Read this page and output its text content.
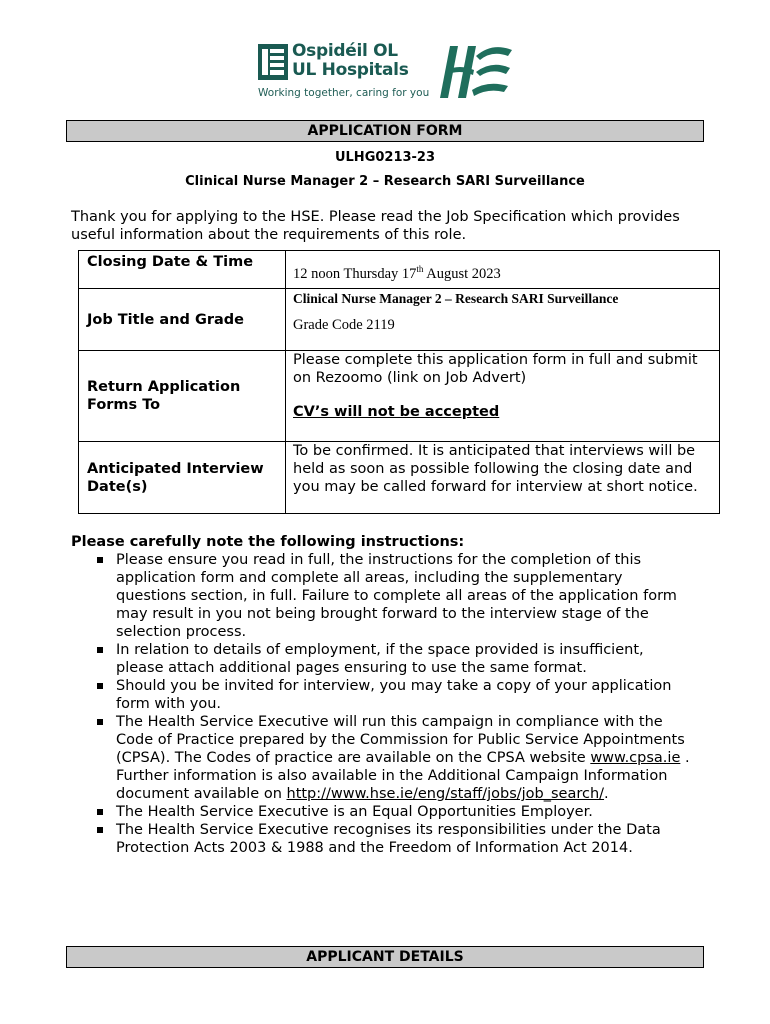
Ospidéil OL
UL Hospitals
Working together, caring for you
APPLICATION FORM
ULHG0213-23
Clinical Nurse Manager 2 – Research SARI Surveillance
Thank you for applying to the HSE. Please read the Job Specification which provides useful information about the requirements of this role.
Closing Date & Time	12 noon Thursday 17th August 2023

Job Title and Grade	Clinical Nurse Manager 2 – Research SARI Surveillance
Grade Code 2119

Return Application Forms To	Please complete this application form in full and submit on Rezoomo (link on Job Advert)
CV’s will not be accepted

Anticipated Interview Date(s)	To be confirmed. It is anticipated that interviews will be held as soon as possible following the closing date and you may be called forward for interview at short notice.
Please carefully note the following instructions:
Please ensure you read in full, the instructions for the completion of this application form and complete all areas, including the supplementary questions section, in full. Failure to complete all areas of the application form may result in you not being brought forward to the interview stage of the selection process.
In relation to details of employment, if the space provided is insufficient, please attach additional pages ensuring to use the same format.
Should you be invited for interview, you may take a copy of your application form with you.
The Health Service Executive will run this campaign in compliance with the Code of Practice prepared by the Commission for Public Service Appointments (CPSA). The Codes of practice are available on the CPSA website www.cpsa.ie . Further information is also available in the Additional Campaign Information document available on http://www.hse.ie/eng/staff/jobs/job_search/.
The Health Service Executive is an Equal Opportunities Employer.
The Health Service Executive recognises its responsibilities under the Data Protection Acts 2003 & 1988 and the Freedom of Information Act 2014.
APPLICANT DETAILS
